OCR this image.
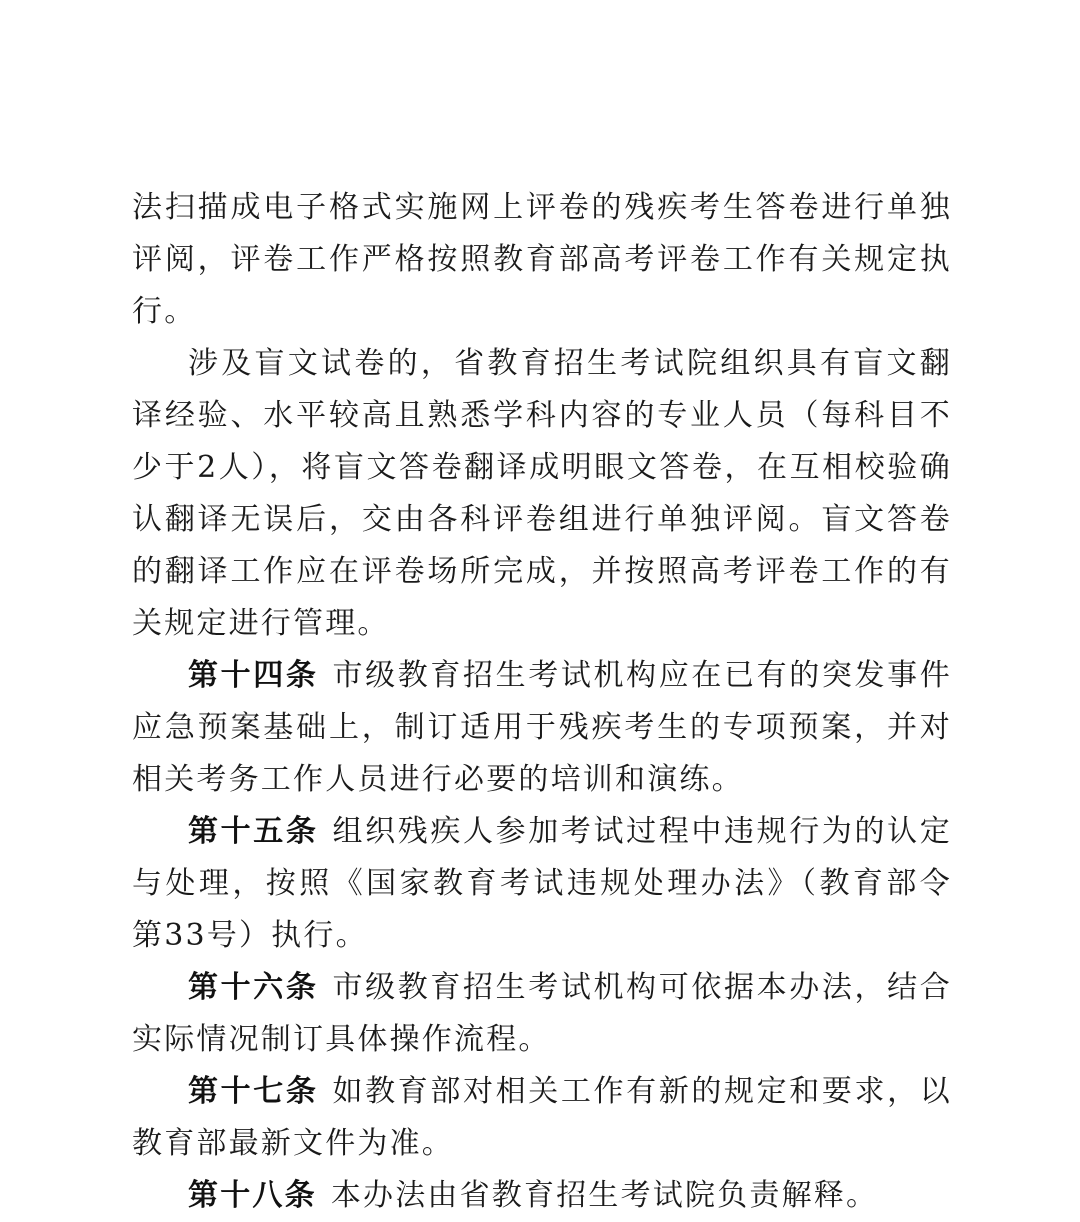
法扫描成电子格式实施网上评卷的残疾考生答卷进行单独评阅，评卷工作严格按照教育部高考评卷工作有关规定执行。

涉及盲文试卷的，省教育招生考试院组织具有盲文翻译经验、水平较高且熟悉学科内容的专业人员（每科目不少于2人），将盲文答卷翻译成明眼文答卷，在互相校验确认翻译无误后，交由各科评卷组进行单独评阅。盲文答卷的翻译工作应在评卷场所完成，并按照高考评卷工作的有关规定进行管理。

第十四条 市级教育招生考试机构应在已有的突发事件应急预案基础上，制订适用于残疾考生的专项预案，并对相关考务工作人员进行必要的培训和演练。

第十五条 组织残疾人参加考试过程中违规行为的认定与处理，按照《国家教育考试违规处理办法》（教育部令第33号）执行。

第十六条 市级教育招生考试机构可依据本办法，结合实际情况制订具体操作流程。

第十七条 如教育部对相关工作有新的规定和要求，以教育部最新文件为准。

第十八条 本办法由省教育招生考试院负责解释。
